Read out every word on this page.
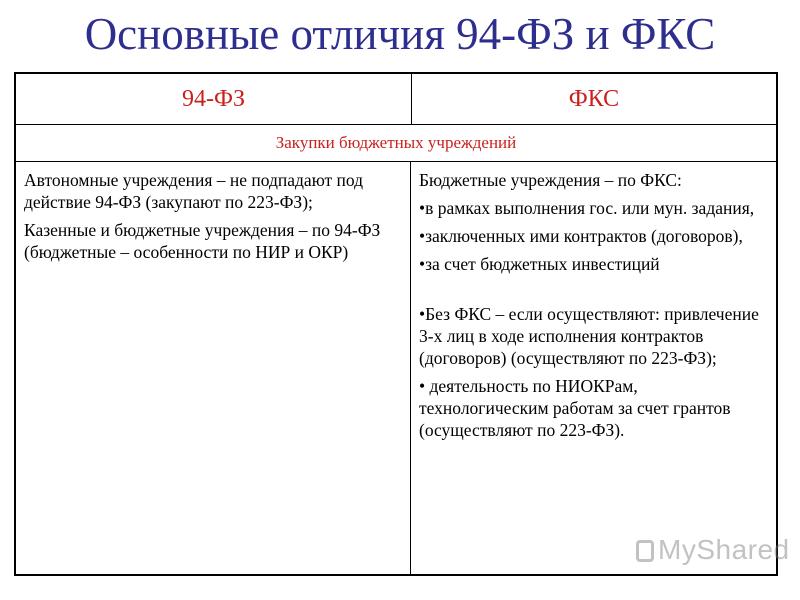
Основные отличия 94-ФЗ и ФКС
94-ФЗ	ФКС
Закупки бюджетных учреждений

Автономные учреждения – не подпадают под действие 94-ФЗ (закупают по 223-ФЗ);

Казенные и бюджетные учреждения – по 94-ФЗ (бюджетные – особенности по НИР и ОКР)

Бюджетные учреждения – по ФКС:

•в рамках выполнения гос. или мун. задания,

•заключенных ими контрактов (договоров),

•за счет бюджетных инвестиций

•Без ФКС – если осуществляют: привлечение 3-х лиц в ходе исполнения контрактов (договоров) (осуществляют по 223-ФЗ);

• деятельность по НИОКРам, технологическим работам за счет грантов (осуществляют по 223-ФЗ).

MyShared
